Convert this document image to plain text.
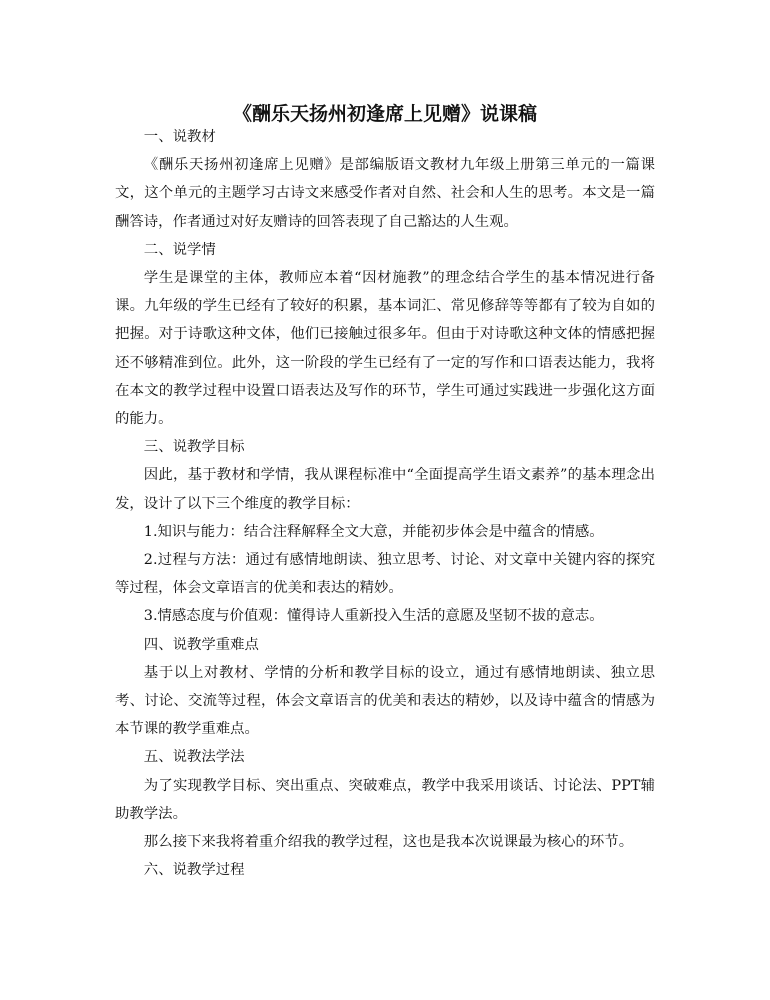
《酬乐天扬州初逢席上见赠》说课稿

一、说教材

《酬乐天扬州初逢席上见赠》是部编版语文教材九年级上册第三单元的一篇课文，这个单元的主题学习古诗文来感受作者对自然、社会和人生的思考。本文是一篇酬答诗，作者通过对好友赠诗的回答表现了自己豁达的人生观。

二、说学情

学生是课堂的主体，教师应本着“因材施教”的理念结合学生的基本情况进行备课。九年级的学生已经有了较好的积累，基本词汇、常见修辞等等都有了较为自如的把握。对于诗歌这种文体，他们已接触过很多年。但由于对诗歌这种文体的情感把握还不够精准到位。此外，这一阶段的学生已经有了一定的写作和口语表达能力，我将在本文的教学过程中设置口语表达及写作的环节，学生可通过实践进一步强化这方面的能力。

三、说教学目标

因此，基于教材和学情，我从课程标准中“全面提高学生语文素养”的基本理念出发，设计了以下三个维度的教学目标：

1.知识与能力：结合注释解释全文大意，并能初步体会是中蕴含的情感。

2.过程与方法：通过有感情地朗读、独立思考、讨论、对文章中关键内容的探究等过程，体会文章语言的优美和表达的精妙。

3.情感态度与价值观：懂得诗人重新投入生活的意愿及坚韧不拔的意志。

四、说教学重难点

基于以上对教材、学情的分析和教学目标的设立，通过有感情地朗读、独立思考、讨论、交流等过程，体会文章语言的优美和表达的精妙，以及诗中蕴含的情感为本节课的教学重难点。

五、说教法学法

为了实现教学目标、突出重点、突破难点，教学中我采用谈话、讨论法、PPT辅助教学法。

那么接下来我将着重介绍我的教学过程，这也是我本次说课最为核心的环节。

六、说教学过程
